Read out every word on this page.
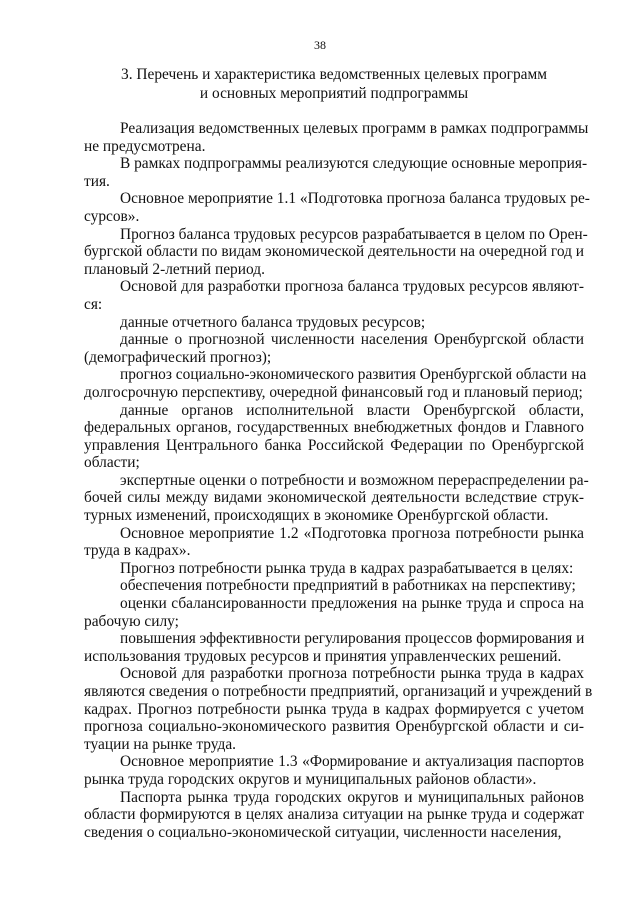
38
3. Перечень и характеристика ведомственных целевых программ
и основных мероприятий подпрограммы
Реализация ведомственных целевых программ в рамках подпрограммы
не предусмотрена.
В рамках подпрограммы реализуются следующие основные мероприя-
тия.
Основное мероприятие 1.1 «Подготовка прогноза баланса трудовых ре-
сурсов».
Прогноз баланса трудовых ресурсов разрабатывается в целом по Орен-
бургской области по видам экономической деятельности на очередной год и
плановый 2-летний период.
Основой для разработки прогноза баланса трудовых ресурсов являют-
ся:
данные отчетного баланса трудовых ресурсов;
данные о прогнозной численности населения Оренбургской области
(демографический прогноз);
прогноз социально-экономического развития Оренбургской области на
долгосрочную перспективу, очередной финансовый год и плановый период;
данные органов исполнительной власти Оренбургской области,
федеральных органов, государственных внебюджетных фондов и Главного
управления Центрального банка Российской Федерации по Оренбургской
области;
экспертные оценки о потребности и возможном перераспределении ра-
бочей силы между видами экономической деятельности вследствие струк-
турных изменений, происходящих в экономике Оренбургской области.
Основное мероприятие 1.2 «Подготовка прогноза потребности рынка
труда в кадрах».
Прогноз потребности рынка труда в кадрах разрабатывается в целях:
обеспечения потребности предприятий в работниках на перспективу;
оценки сбалансированности предложения на рынке труда и спроса на
рабочую силу;
повышения эффективности регулирования процессов формирования и
использования трудовых ресурсов и принятия управленческих решений.
Основой для разработки прогноза потребности рынка труда в кадрах
являются сведения о потребности предприятий, организаций и учреждений в
кадрах. Прогноз потребности рынка труда в кадрах формируется с учетом
прогноза социально-экономического развития Оренбургской области и си-
туации на рынке труда.
Основное мероприятие 1.3 «Формирование и актуализация паспортов
рынка труда городских округов и муниципальных районов области».
Паспорта рынка труда городских округов и муниципальных районов
области формируются в целях анализа ситуации на рынке труда и содержат
сведения о социально-экономической ситуации, численности населения,
